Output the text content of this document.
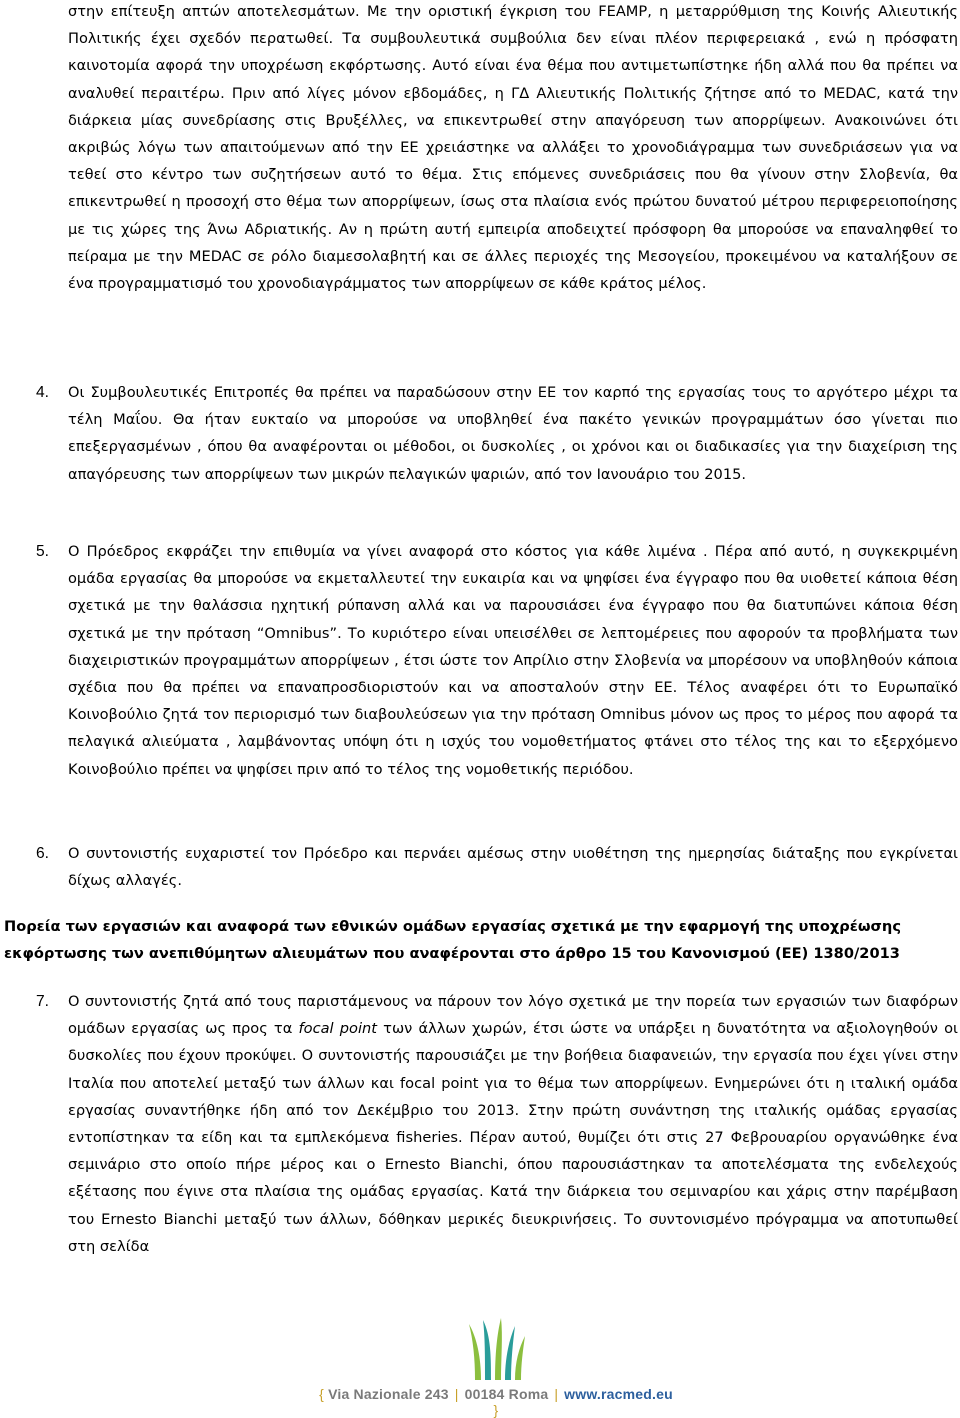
στην επίτευξη απτών αποτελεσμάτων. Με την οριστική έγκριση του FEAMP, η μεταρρύθμιση της Κοινής Αλιευτικής Πολιτικής έχει σχεδόν περατωθεί. Τα συμβουλευτικά συμβούλια δεν είναι πλέον περιφερειακά , ενώ η πρόσφατη καινοτομία αφορά την υποχρέωση εκφόρτωσης. Αυτό είναι ένα θέμα που αντιμετωπίστηκε ήδη αλλά που θα πρέπει να αναλυθεί περαιτέρω. Πριν από λίγες μόνον εβδομάδες, η ΓΔ Αλιευτικής Πολιτικής ζήτησε από το MEDAC, κατά την διάρκεια μίας συνεδρίασης στις Βρυξέλλες, να επικεντρωθεί στην απαγόρευση των απορρίψεων. Ανακοινώνει ότι ακριβώς λόγω των απαιτούμενων από την ΕΕ χρειάστηκε να αλλάξει το χρονοδιάγραμμα των συνεδριάσεων για να τεθεί στο κέντρο των συζητήσεων αυτό το θέμα. Στις επόμενες συνεδριάσεις που θα γίνουν στην Σλοβενία, θα επικεντρωθεί η προσοχή στο θέμα των απορρίψεων, ίσως στα πλαίσια ενός πρώτου δυνατού μέτρου περιφερειοποίησης με τις χώρες της Άνω Αδριατικής. Αν η πρώτη αυτή εμπειρία αποδειχτεί πρόσφορη θα μπορούσε να επαναληφθεί το πείραμα με την MEDAC σε ρόλο διαμεσολαβητή και σε άλλες περιοχές της Μεσογείου, προκειμένου να καταλήξουν σε ένα προγραμματισμό του χρονοδιαγράμματος των απορρίψεων σε κάθε κράτος μέλος.
4. Οι Συμβουλευτικές Επιτροπές θα πρέπει να παραδώσουν στην ΕΕ τον καρπό της εργασίας τους το αργότερο μέχρι τα τέλη Μαΐου. Θα ήταν ευκταίο να μπορούσε να υποβληθεί ένα πακέτο γενικών προγραμμάτων όσο γίνεται πιο επεξεργασμένων , όπου θα αναφέρονται οι μέθοδοι, οι δυσκολίες , οι χρόνοι και οι διαδικασίες για την διαχείριση της απαγόρευσης των απορρίψεων των μικρών πελαγικών ψαριών, από τον Ιανουάριο του 2015.
5. Ο Πρόεδρος εκφράζει την επιθυμία να γίνει αναφορά στο κόστος για κάθε λιμένα . Πέρα από αυτό, η συγκεκριμένη ομάδα εργασίας θα μπορούσε να εκμεταλλευτεί την ευκαιρία και να ψηφίσει ένα έγγραφο που θα υιοθετεί κάποια θέση σχετικά με την θαλάσσια ηχητική ρύπανση αλλά και να παρουσιάσει ένα έγγραφο που θα διατυπώνει κάποια θέση σχετικά με την πρόταση “Omnibus”. Το κυριότερο είναι υπεισέλθει σε λεπτομέρειες που αφορούν τα προβλήματα των διαχειριστικών προγραμμάτων απορρίψεων , έτσι ώστε τον Απρίλιο στην Σλοβενία να μπορέσουν να υποβληθούν κάποια σχέδια που θα πρέπει να επαναπροσδιοριστούν και να αποσταλούν στην ΕΕ. Τέλος αναφέρει ότι το Ευρωπαϊκό Κοινοβούλιο ζητά τον περιορισμό των διαβουλεύσεων για την πρόταση Omnibus μόνον ως προς το μέρος που αφορά τα πελαγικά αλιεύματα , λαμβάνοντας υπόψη ότι η ισχύς του νομοθετήματος φτάνει στο τέλος της και το εξερχόμενο Κοινοβούλιο πρέπει να ψηφίσει πριν από το τέλος της νομοθετικής περιόδου.
6. Ο συντονιστής ευχαριστεί τον Πρόεδρο και περνάει αμέσως στην υιοθέτηση της ημερησίας διάταξης που εγκρίνεται δίχως αλλαγές.
Πορεία των εργασιών και αναφορά των εθνικών ομάδων εργασίας σχετικά με την εφαρμογή της υποχρέωσης εκφόρτωσης των ανεπιθύμητων αλιευμάτων που αναφέρονται στο άρθρο 15 του Κανονισμού (ΕΕ) 1380/2013
7. Ο συντονιστής ζητά από τους παριστάμενους να πάρουν τον λόγο σχετικά με την πορεία των εργασιών των διαφόρων ομάδων εργασίας ως προς τα focal point των άλλων χωρών, έτσι ώστε να υπάρξει η δυνατότητα να αξιολογηθούν οι δυσκολίες που έχουν προκύψει. Ο συντονιστής παρουσιάζει με την βοήθεια διαφανειών, την εργασία που έχει γίνει στην Ιταλία που αποτελεί μεταξύ των άλλων και focal point για το θέμα των απορρίψεων. Ενημερώνει ότι η ιταλική ομάδα εργασίας συναντήθηκε ήδη από τον Δεκέμβριο του 2013. Στην πρώτη συνάντηση της ιταλικής ομάδας εργασίας εντοπίστηκαν τα είδη και τα εμπλεκόμενα fisheries. Πέραν αυτού, θυμίζει ότι στις 27 Φεβρουαρίου οργανώθηκε ένα σεμινάριο στο οποίο πήρε μέρος και ο Ernesto Bianchi, όπου παρουσιάστηκαν τα αποτελέσματα της ενδελεχούς εξέτασης που έγινε στα πλαίσια της ομάδας εργασίας. Κατά την διάρκεια του σεμιναρίου και χάρις στην παρέμβαση του Ernesto Bianchi μεταξύ των άλλων, δόθηκαν μερικές διευκρινήσεις. Το συντονισμένο πρόγραμμα να αποτυπωθεί στη σελίδα
{ Via Nazionale 243 | 00184 Roma | www.racmed.eu }
